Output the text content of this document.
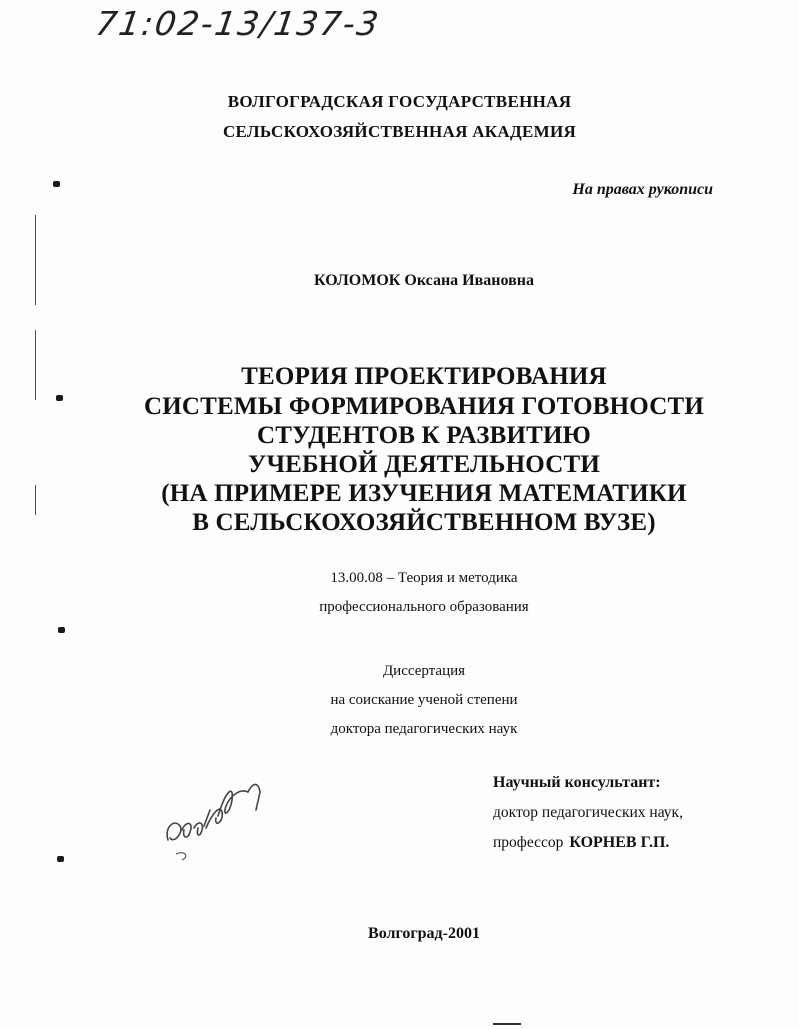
71:02-13/137-3
ВОЛГОГРАДСКАЯ ГОСУДАРСТВЕННАЯ
СЕЛЬСКОХОЗЯЙСТВЕННАЯ АКАДЕМИЯ
На правах рукописи
КОЛОМОК Оксана Ивановна
ТЕОРИЯ ПРОЕКТИРОВАНИЯ
СИСТЕМЫ ФОРМИРОВАНИЯ ГОТОВНОСТИ
СТУДЕНТОВ К РАЗВИТИЮ
УЧЕБНОЙ ДЕЯТЕЛЬНОСТИ
(НА ПРИМЕРЕ ИЗУЧЕНИЯ МАТЕМАТИКИ
В СЕЛЬСКОХОЗЯЙСТВЕННОМ ВУЗЕ)
13.00.08 – Теория и методика
профессионального образования
Диссертация
на соискание ученой степени
доктора педагогических наук
Научный консультант:
доктор педагогических наук,
профессор КОРНЕВ Г.П.
Волгоград-2001
